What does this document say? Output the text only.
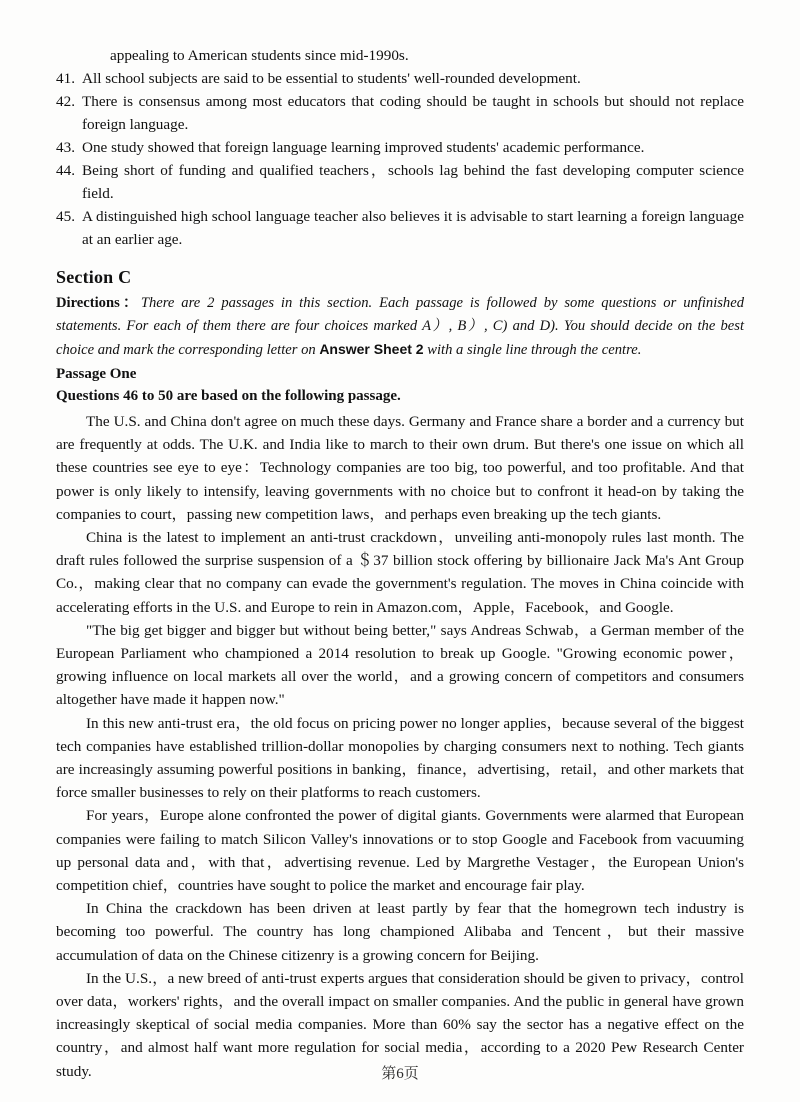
appealing to American students since mid-1990s.
41. All school subjects are said to be essential to students' well-rounded development.
42. There is consensus among most educators that coding should be taught in schools but should not replace foreign language.
43. One study showed that foreign language learning improved students' academic performance.
44. Being short of funding and qualified teachers，schools lag behind the fast developing computer science field.
45. A distinguished high school language teacher also believes it is advisable to start learning a foreign language at an earlier age.
Section C
Directions：There are 2 passages in this section. Each passage is followed by some questions or unfinished statements. For each of them there are four choices marked A）, B）, C) and D). You should decide on the best choice and mark the corresponding letter on Answer Sheet 2 with a single line through the centre.
Passage One
Questions 46 to 50 are based on the following passage.

The U.S. and China don't agree on much these days. Germany and France share a border and a currency but are frequently at odds. The U.K. and India like to march to their own drum. But there's one issue on which all these countries see eye to eye：Technology companies are too big, too powerful, and too profitable. And that power is only likely to intensify, leaving governments with no choice but to confront it head-on by taking the companies to court，passing new competition laws，and perhaps even breaking up the tech giants.

China is the latest to implement an anti-trust crackdown，unveiling anti-monopoly rules last month. The draft rules followed the surprise suspension of a ＄37 billion stock offering by billionaire Jack Ma's Ant Group Co.，making clear that no company can evade the government's regulation. The moves in China coincide with accelerating efforts in the U.S. and Europe to rein in Amazon.com，Apple，Facebook，and Google.

"The big get bigger and bigger but without being better," says Andreas Schwab，a German member of the European Parliament who championed a 2014 resolution to break up Google. "Growing economic power，growing influence on local markets all over the world，and a growing concern of competitors and consumers altogether have made it happen now."

In this new anti-trust era，the old focus on pricing power no longer applies，because several of the biggest tech companies have established trillion-dollar monopolies by charging consumers next to nothing. Tech giants are increasingly assuming powerful positions in banking，finance，advertising，retail，and other markets that force smaller businesses to rely on their platforms to reach customers.

For years，Europe alone confronted the power of digital giants. Governments were alarmed that European companies were failing to match Silicon Valley's innovations or to stop Google and Facebook from vacuuming up personal data and，with that，advertising revenue. Led by Margrethe Vestager，the European Union's competition chief，countries have sought to police the market and encourage fair play.

In China the crackdown has been driven at least partly by fear that the homegrown tech industry is becoming too powerful. The country has long championed Alibaba and Tencent，but their massive accumulation of data on the Chinese citizenry is a growing concern for Beijing.

In the U.S.，a new breed of anti-trust experts argues that consideration should be given to privacy，control over data，workers' rights，and the overall impact on smaller companies. And the public in general have grown increasingly skeptical of social media companies. More than 60% say the sector has a negative effect on the country，and almost half want more regulation for social media，according to a 2020 Pew Research Center study.	第6页
